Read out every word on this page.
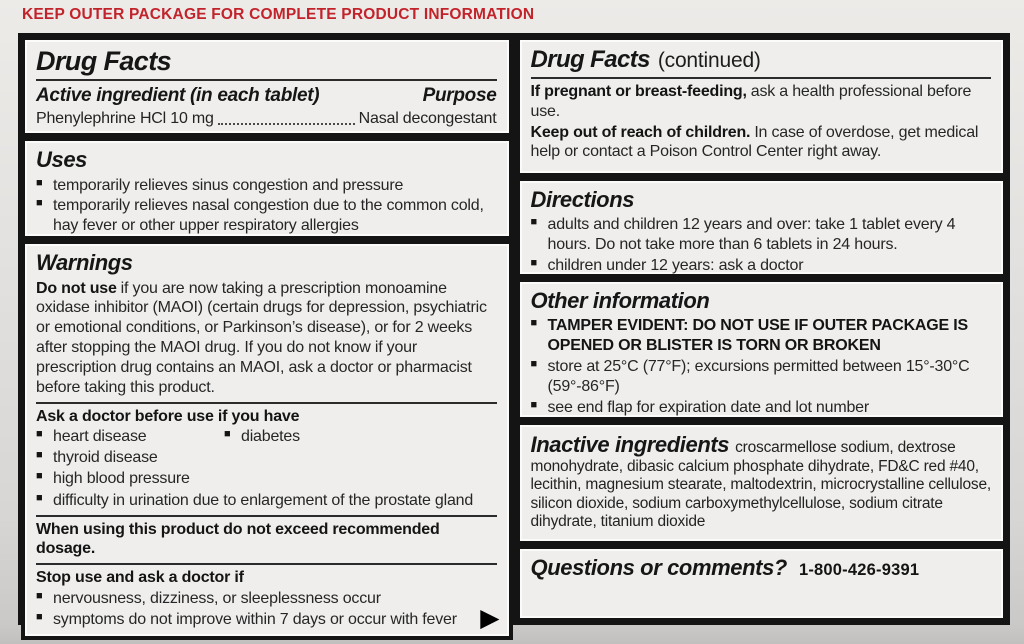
KEEP OUTER PACKAGE FOR COMPLETE PRODUCT INFORMATION
Drug Facts
Active ingredient (in each tablet)	Purpose
Phenylephrine HCl 10 mg	Nasal decongestant
Uses
■ temporarily relieves sinus congestion and pressure
■ temporarily relieves nasal congestion due to the common cold, hay fever or other upper respiratory allergies
Warnings

Do not use if you are now taking a prescription monoamine oxidase inhibitor (MAOI) (certain drugs for depression, psychiatric or emotional conditions, or Parkinson’s disease), or for 2 weeks after stopping the MAOI drug. If you do not know if your prescription drug contains an MAOI, ask a doctor or pharmacist before taking this product.

Ask a doctor before use if you have
■ heart disease	■ diabetes
■ thyroid disease
■ high blood pressure
■ difficulty in urination due to enlargement of the prostate gland
When using this product do not exceed recommended dosage.
Stop use and ask a doctor if
■ nervousness, dizziness, or sleeplessness occur
■ symptoms do not improve within 7 days or occur with fever ▶
Drug Facts (continued)

If pregnant or breast-feeding, ask a health professional before use.

Keep out of reach of children. In case of overdose, get medical help or contact a Poison Control Center right away.

Directions
■ adults and children 12 years and over: take 1 tablet every 4 hours. Do not take more than 6 tablets in 24 hours.
■ children under 12 years: ask a doctor
Other information
■ TAMPER EVIDENT: DO NOT USE IF OUTER PACKAGE IS OPENED OR BLISTER IS TORN OR BROKEN
■ store at 25°C (77°F); excursions permitted between 15°-30°C (59°-86°F)
■ see end flap for expiration date and lot number

Inactive ingredients croscarmellose sodium, dextrose monohydrate, dibasic calcium phosphate dihydrate, FD&C red #40, lecithin, magnesium stearate, maltodextrin, microcrystalline cellulose, silicon dioxide, sodium carboxymethylcellulose, sodium citrate dihydrate, titanium dioxide

Questions or comments? 1-800-426-9391
